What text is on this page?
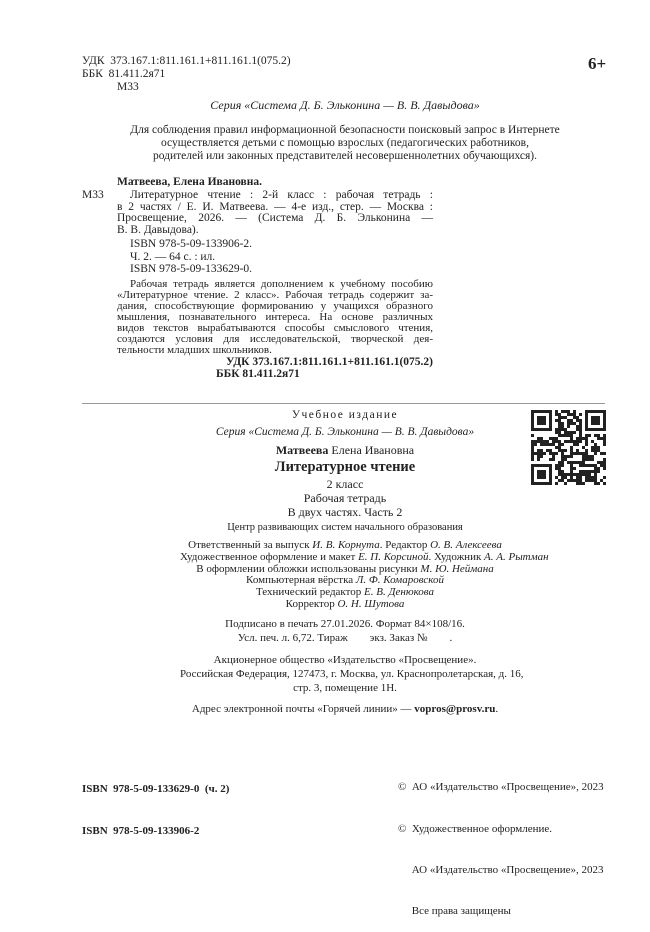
УДК  373.167.1:811.161.1+811.161.1(075.2)
ББК  81.411.2я71
М33
6+
Серия «Система Д. Б. Эльконина — В. В. Давыдова»
Для соблюдения правил информационной безопасности поисковый запрос в Интернете
осуществляется детьми с помощью взрослых (педагогических работников,
родителей или законных представителей несовершеннолетних обучающихся).
Матвеева, Елена Ивановна.
М33	Литературное чтение : 2-й класс : рабочая тетрадь :
в 2 частях / Е. И. Матвеева. — 4-е изд., стер. — Москва :
Просвещение, 2026. — (Система Д. Б. Эльконина —
В. В. Давыдова).
ISBN 978-5-09-133906-2.
Ч. 2. — 64 с. : ил.
ISBN 978-5-09-133629-0.
Рабочая тетрадь является дополнением к учебному пособию
«Литературное чтение. 2 класс». Рабочая тетрадь содержит за-
дания, способствующие формированию у учащихся образного
мышления, познавательного интереса. На основе различных
видов текстов вырабатываются способы смыслового чтения,
создаются условия для исследовательской, творческой дея-
тельности младших школьников.
УДК 373.167.1:811.161.1+811.161.1(075.2)
ББК 81.411.2я71
Учебное издание
Серия «Система Д. Б. Эльконина — В. В. Давыдова»
Матвеева Елена Ивановна
Литературное чтение
2 класс
Рабочая тетрадь
В двух частях. Часть 2
Центр развивающих систем начального образования
Ответственный за выпуск И. В. Корнута. Редактор О. В. Алексеева
Художественное оформление и макет Е. П. Корсиной. Художник А. А. Рытман
В оформлении обложки использованы рисунки М. Ю. Неймана
Компьютерная вёрстка Л. Ф. Комаровской
Технический редактор Е. В. Денюкова
Корректор О. Н. Шутова
Подписано в печать 27.01.2026. Формат 84×108/16.
Усл. печ. л. 6,72. Тираж        экз. Заказ №        .
Акционерное общество «Издательство «Просвещение».
Российская Федерация, 127473, г. Москва, ул. Краснопролетарская, д. 16,
стр. 3, помещение 1Н.
Адрес электронной почты «Горячей линии» — vopros@prosv.ru.

ISBN  978-5-09-133629-0  (ч. 2)

ISBN  978-5-09-133906-2

©  АО «Издательство «Просвещение», 2023

©  Художественное оформление.

АО «Издательство «Просвещение», 2023

Все права защищены
